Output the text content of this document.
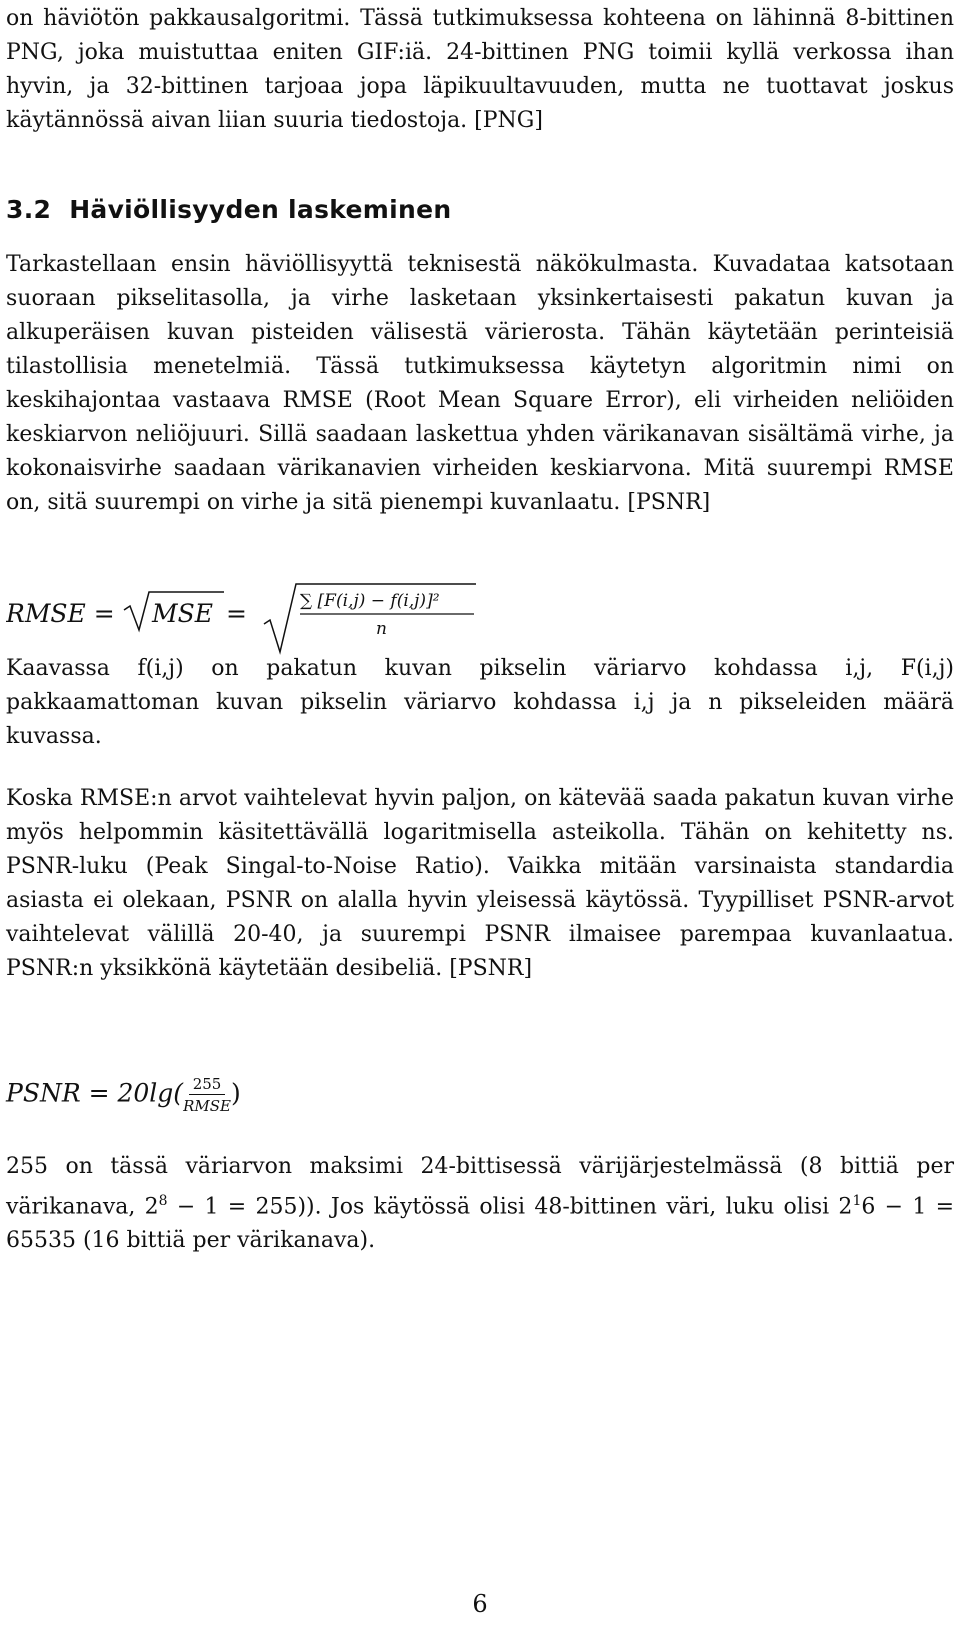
on häviötön pakkausalgoritmi. Tässä tutkimuksessa kohteena on lähinnä 8-bittinen PNG, joka muistuttaa eniten GIF:iä. 24-bittinen PNG toimii kyllä verkossa ihan hyvin, ja 32-bittinen tarjoaa jopa läpikuultavuuden, mutta ne tuottavat joskus käytännössä aivan liian suuria tiedostoja. [PNG]

3.2 Häviöllisyyden laskeminen

Tarkastellaan ensin häviöllisyyttä teknisestä näkökulmasta. Kuvadataa katsotaan suoraan pikselitasolla, ja virhe lasketaan yksinkertaisesti pakatun kuvan ja alkuperäisen kuvan pisteiden välisestä värierosta. Tähän käytetään perinteisiä tilastollisia menetelmiä. Tässä tutkimuksessa käytetyn algoritmin nimi on keskihajontaa vastaava RMSE (Root Mean Square Error), eli virheiden neliöiden keskiarvon neliöjuuri. Sillä saadaan laskettua yhden värikanavan sisältämä virhe, ja kokonaisvirhe saadaan värikanavien virheiden keskiarvona. Mitä suurempi RMSE on, sitä suurempi on virhe ja sitä pienempi kuvanlaatu. [PSNR]

RMSE = MSE =	∑ [F(i,j) − f(i,j)]²
n

Kaavassa f(i,j) on pakatun kuvan pikselin väriarvo kohdassa i,j, F(i,j) pakkaamattoman kuvan pikselin väriarvo kohdassa i,j ja n pikseleiden määrä kuvassa.

Koska RMSE:n arvot vaihtelevat hyvin paljon, on kätevää saada pakatun kuvan virhe myös helpommin käsitettävällä logaritmisella asteikolla. Tähän on kehitetty ns. PSNR-luku (Peak Singal-to-Noise Ratio). Vaikka mitään varsinaista standardia asiasta ei olekaan, PSNR on alalla hyvin yleisessä käytössä. Tyypilliset PSNR-arvot vaihtelevat välillä 20-40, ja suurempi PSNR ilmaisee parempaa kuvanlaatua. PSNR:n yksikkönä käytetään desibeliä. [PSNR]

PSNR = $20\lg( \frac{255}{\text{RMSE}}$ )

255 on tässä väriarvon maksimi 24-bittisessä värijärjestelmässä (8 bittiä per värikanava, $2^8 - 1 = 255$)). Jos käytössä olisi 48-bittinen väri, luku olisi $2^16 - 1 = 65535$ (16 bittiä per värikanava).

6
